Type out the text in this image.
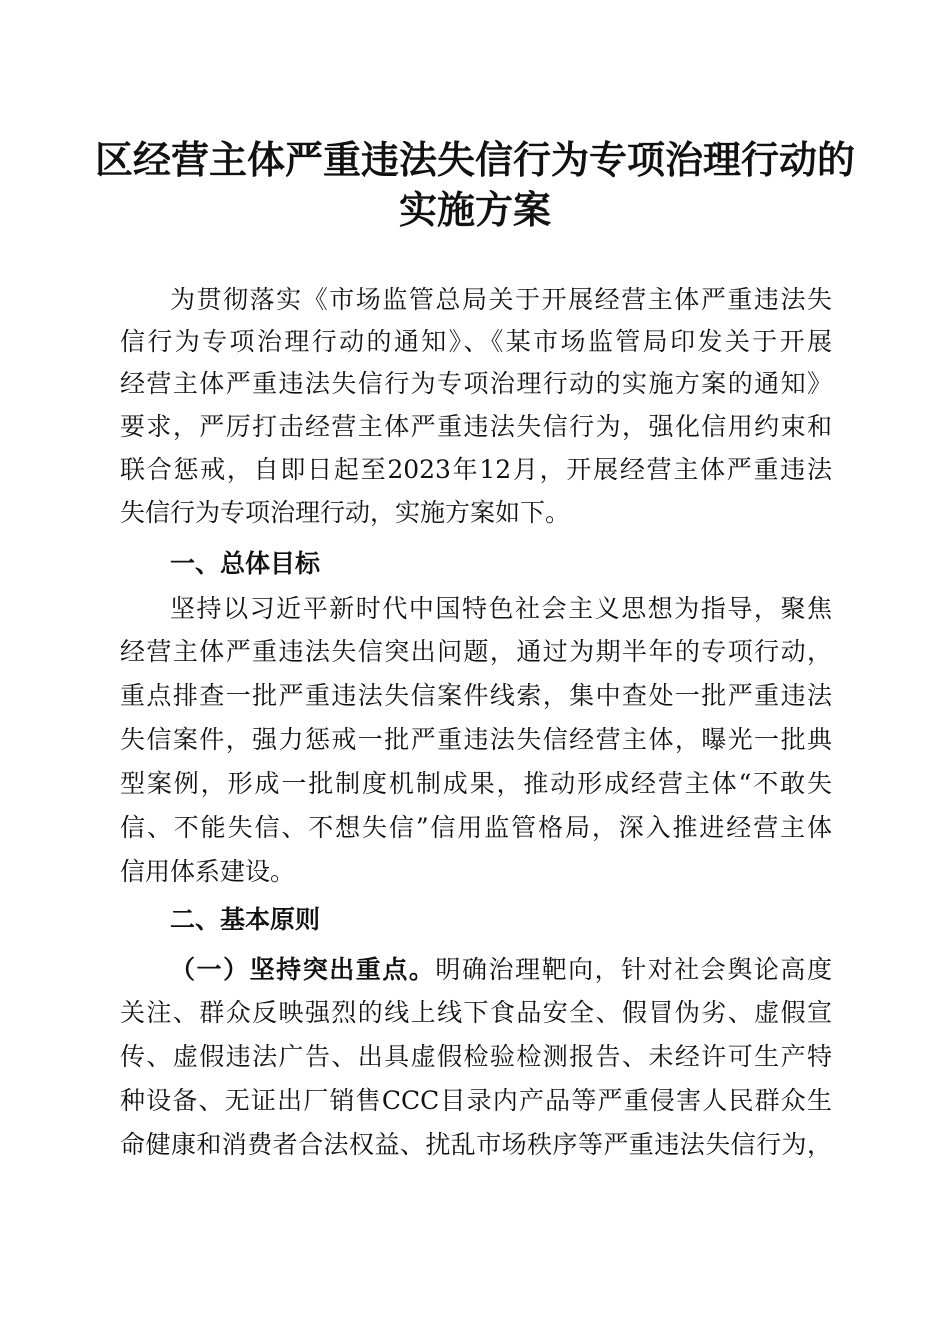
区经营主体严重违法失信行为专项治理行动的
实施方案
为贯彻落实《市场监管总局关于开展经营主体严重违法失
信行为专项治理行动的通知》、《某市场监管局印发关于开展
经营主体严重违法失信行为专项治理行动的实施方案的通知》
要求，严厉打击经营主体严重违法失信行为，强化信用约束和
联合惩戒，自即日起至2023年12月，开展经营主体严重违法
失信行为专项治理行动，实施方案如下。
一、总体目标
坚持以习近平新时代中国特色社会主义思想为指导，聚焦
经营主体严重违法失信突出问题，通过为期半年的专项行动，
重点排查一批严重违法失信案件线索，集中查处一批严重违法
失信案件，强力惩戒一批严重违法失信经营主体，曝光一批典
型案例，形成一批制度机制成果，推动形成经营主体“不敢失
信、不能失信、不想失信”信用监管格局，深入推进经营主体
信用体系建设。
二、基本原则
（一）坚持突出重点。明确治理靶向，针对社会舆论高度
关注、群众反映强烈的线上线下食品安全、假冒伪劣、虚假宣
传、虚假违法广告、出具虚假检验检测报告、未经许可生产特
种设备、无证出厂销售CCC目录内产品等严重侵害人民群众生
命健康和消费者合法权益、扰乱市场秩序等严重违法失信行为，
